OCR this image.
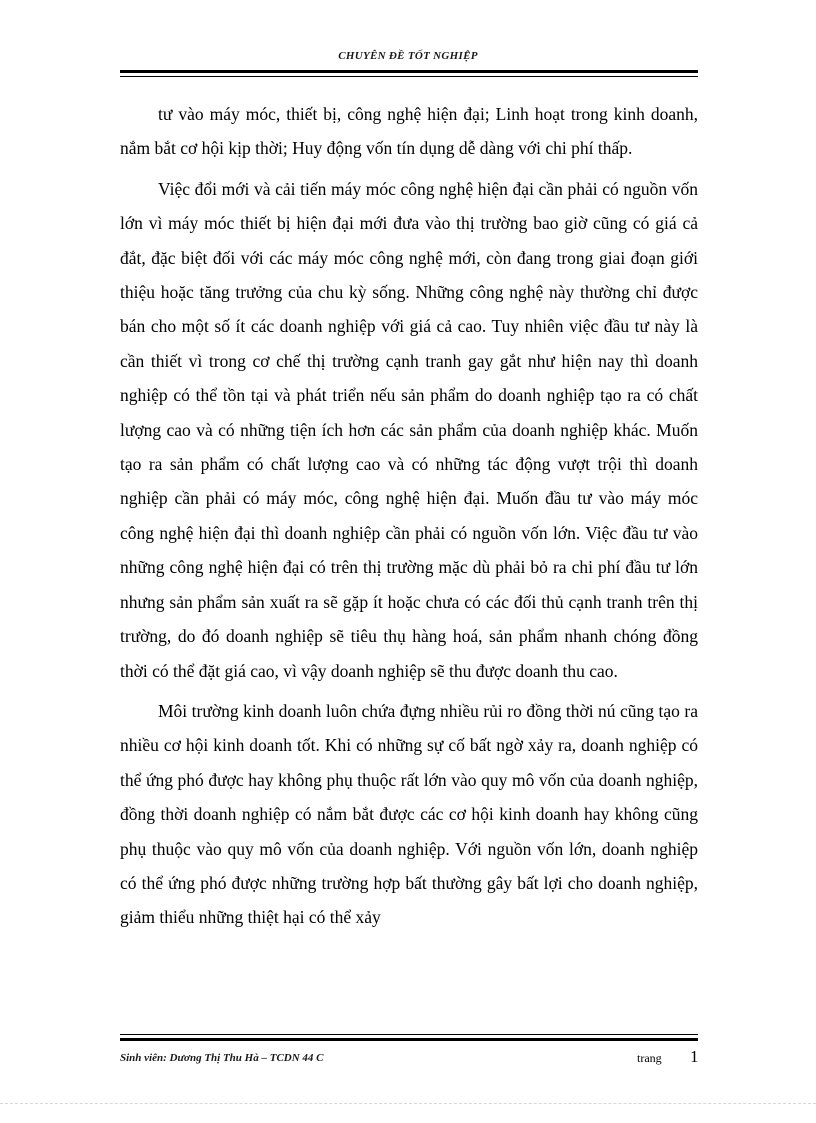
CHUYÊN ĐỀ TỐT NGHIỆP

tư vào máy móc, thiết bị, công nghệ hiện đại; Linh hoạt trong kinh doanh, nắm bắt cơ hội kịp thời; Huy động vốn tín dụng dễ dàng với chi phí thấp.

Việc đổi mới và cải tiến máy móc công nghệ hiện đại cần phải có nguồn vốn lớn vì máy móc thiết bị hiện đại mới đưa vào thị trường bao giờ cũng có giá cả đắt, đặc biệt đối với các máy móc công nghệ mới, còn đang trong giai đoạn giới thiệu hoặc tăng trưởng của chu kỳ sống. Những công nghệ này thường chỉ được bán cho một số ít các doanh nghiệp với giá cả cao. Tuy nhiên việc đầu tư này là cần thiết vì trong cơ chế thị trường cạnh tranh gay gắt như hiện nay thì doanh nghiệp có thể tồn tại và phát triển nếu sản phẩm do doanh nghiệp tạo ra có chất lượng cao và có những tiện ích hơn các sản phẩm của doanh nghiệp khác. Muốn tạo ra sản phẩm có chất lượng cao và có những tác động vượt trội thì doanh nghiệp cần phải có máy móc, công nghệ hiện đại. Muốn đầu tư vào máy móc công nghệ hiện đại thì doanh nghiệp cần phải có nguồn vốn lớn. Việc đầu tư vào những công nghệ hiện đại có trên thị trường mặc dù phải bỏ ra chi phí đầu tư lớn nhưng sản phẩm sản xuất ra sẽ gặp ít hoặc chưa có các đối thủ cạnh tranh trên thị trường, do đó doanh nghiệp sẽ tiêu thụ hàng hoá, sản phẩm nhanh chóng đồng thời có thể đặt giá cao, vì vậy doanh nghiệp sẽ thu được doanh thu cao.

Môi trường kinh doanh luôn chứa đựng nhiều rủi ro đồng thời nú cũng tạo ra nhiều cơ hội kinh doanh tốt. Khi có những sự cố bất ngờ xảy ra, doanh nghiệp có thể ứng phó được hay không phụ thuộc rất lớn vào quy mô vốn của doanh nghiệp, đồng thời doanh nghiệp có nắm bắt được các cơ hội kinh doanh hay không cũng phụ thuộc vào quy mô vốn của doanh nghiệp. Với nguồn vốn lớn, doanh nghiệp có thể ứng phó được những trường hợp bất thường gây bất lợi cho doanh nghiệp, giảm thiểu những thiệt hại có thể xảy

Sinh viên: Dương Thị Thu Hà – TCDN 44 C	trang 1
